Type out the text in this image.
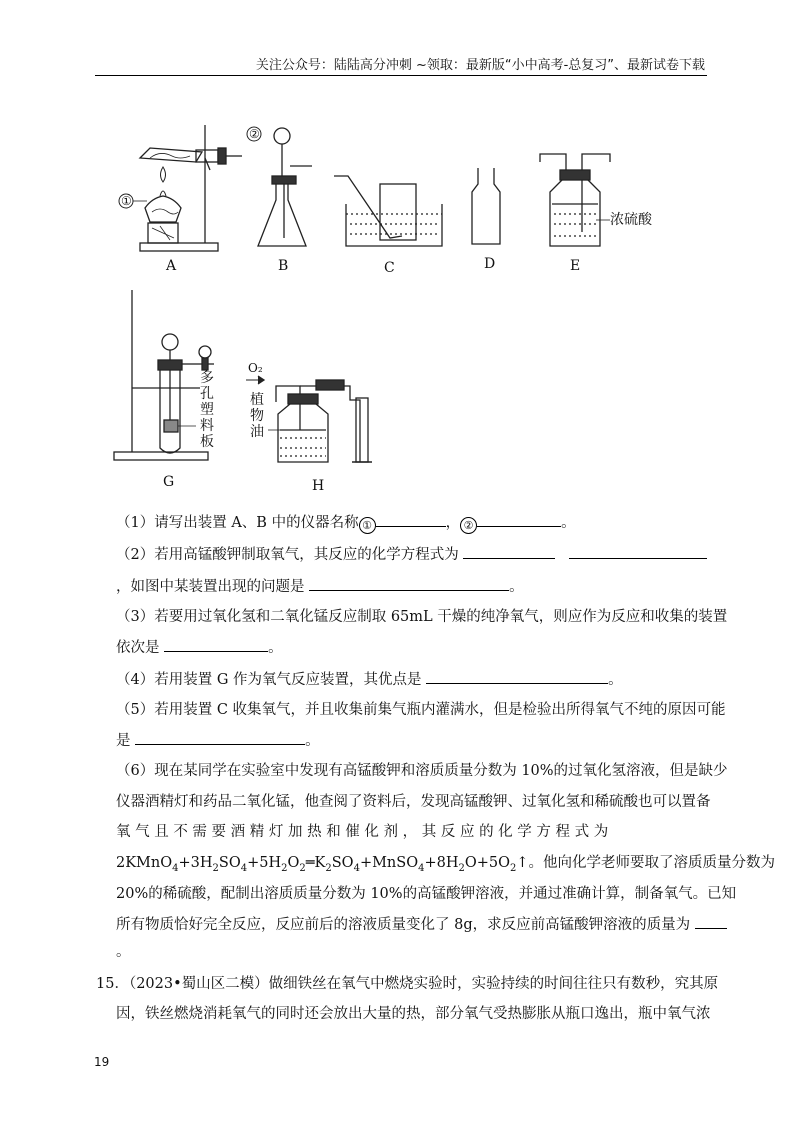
关注公众号：陆陆高分冲刺 ~领取：最新版“小中高考-总复习”、最新试卷下载
A
①
B
②
C	D	E
浓硫酸
G
多
孔
塑
料
板
H
O₂
植
物
油
（1）请写出装置 A、B 中的仪器名称 ①	， ②	。
（2）若用高锰酸钾制取氧气，其反应的化学方程式为
，如图中某装置出现的问题是	。
（3）若要用过氧化氢和二氧化锰反应制取 65mL 干燥的纯净氧气，则应作为反应和收集的装置
依次是	。
（4）若用装置 G 作为氧气反应装置，其优点是	。
（5）若用装置 C 收集氧气，并且收集前集气瓶内灌满水，但是检验出所得氧气不纯的原因可能
是	。
（6）现在某同学在实验室中发现有高锰酸钾和溶质质量分数为 10%的过氧化氢溶液，但是缺少
仪器酒精灯和药品二氧化锰，他查阅了资料后，发现高锰酸钾、过氧化氢和稀硫酸也可以置备
氧 气 且 不 需 要 酒 精 灯 加 热 和 催 化 剂 ， 其 反 应 的 化 学 方 程 式 为
$2KMnO_4+3H_2SO_4+5H_2O_2═K_2SO_4+MnSO_4+8H_2O+5O_2↑$。他向化学老师要取了溶质质量分数为
20%的稀硫酸，配制出溶质质量分数为 10%的高锰酸钾溶液，并通过准确计算，制备氧气。已知
所有物质恰好完全反应，反应前后的溶液质量变化了 8g，求反应前高锰酸钾溶液的质量为
。
15．（2023•蜀山区二模）做细铁丝在氧气中燃烧实验时，实验持续的时间往往只有数秒，究其原
因，铁丝燃烧消耗氧气的同时还会放出大量的热，部分氧气受热膨胀从瓶口逸出，瓶中氧气浓
19
